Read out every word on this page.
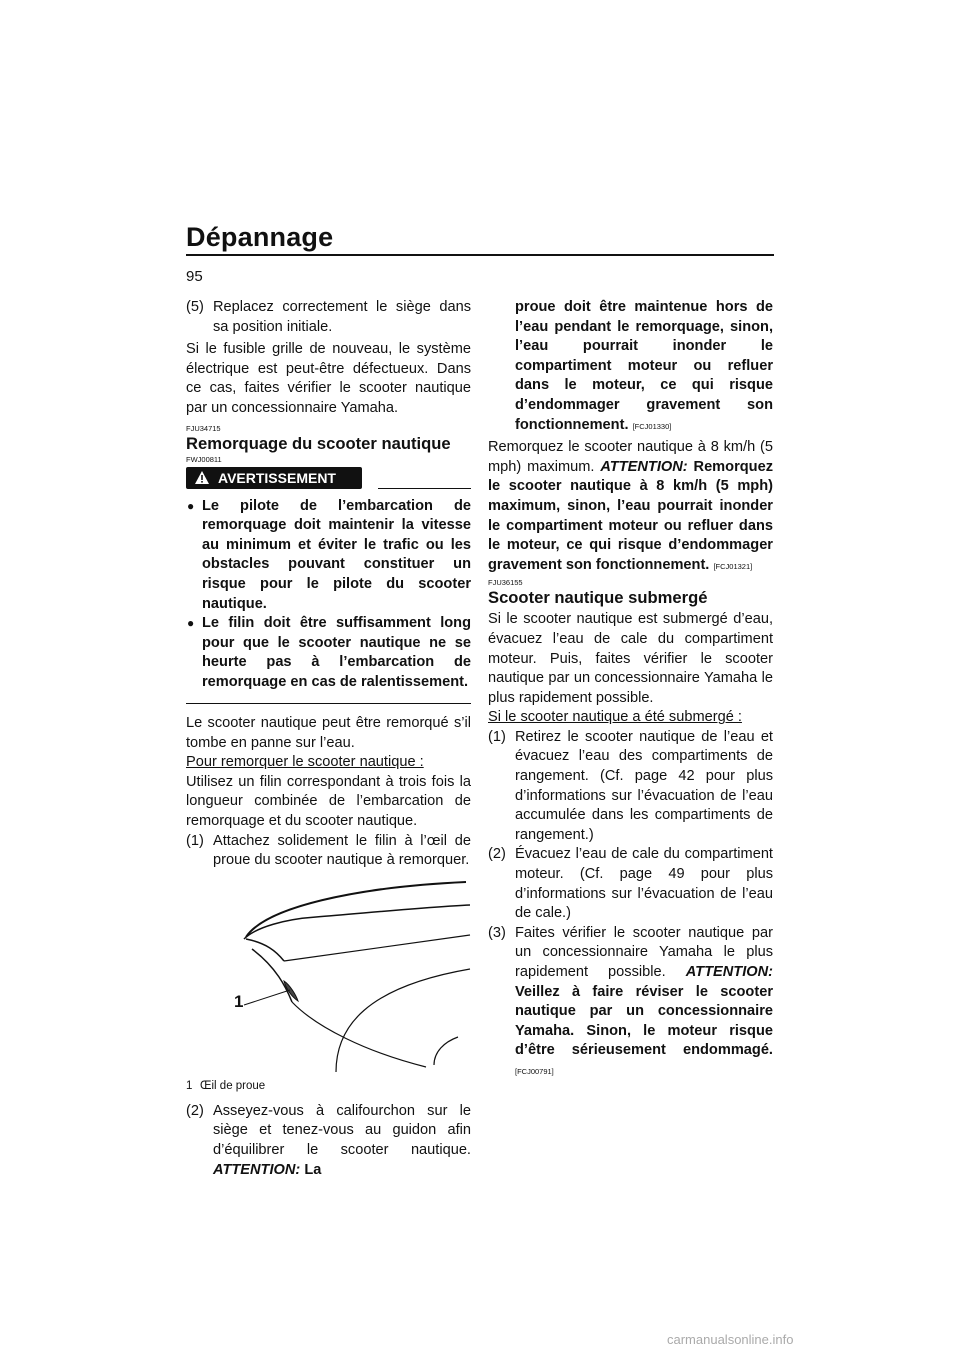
Dépannage
95
(5) Replacez correctement le siège dans sa position initiale.

Si le fusible grille de nouveau, le système électrique est peut-être défectueux. Dans ce cas, faites vérifier le scooter nautique par un concessionnaire Yamaha.

FJU34715
Remorquage du scooter nautique
FWJ00811
AVERTISSEMENT
● Le pilote de l’embarcation de remorquage doit maintenir la vitesse au minimum et éviter le trafic ou les obstacles pouvant constituer un risque pour le pilote du scooter nautique.
● Le filin doit être suffisamment long pour que le scooter nautique ne se heurte pas à l’embarcation de remorquage en cas de ralentissement.

Le scooter nautique peut être remorqué s’il tombe en panne sur l’eau.

Pour remorquer le scooter nautique :

Utilisez un filin correspondant à trois fois la longueur combinée de l’embarcation de remorquage et du scooter nautique.

(1) Attachez solidement le filin à l’œil de proue du scooter nautique à remorquer.
1
1 Œil de proue
(2) Asseyez-vous à califourchon sur le siège et tenez-vous au guidon afin d’équilibrer le scooter nautique. ATTENTION: La
proue doit être maintenue hors de l’eau pendant le remorquage, sinon, l’eau pourrait inonder le compartiment moteur ou refluer dans le moteur, ce qui risque d’endommager gravement son fonctionnement. [FCJ01330]

Remorquez le scooter nautique à 8 km/h (5 mph) maximum. ATTENTION: Remorquez le scooter nautique à 8 km/h (5 mph) maximum, sinon, l’eau pourrait inonder le compartiment moteur ou refluer dans le moteur, ce qui risque d’endommager gravement son fonctionnement. [FCJ01321]

FJU36155
Scooter nautique submergé

Si le scooter nautique est submergé d’eau, évacuez l’eau de cale du compartiment moteur. Puis, faites vérifier le scooter nautique par un concessionnaire Yamaha le plus rapidement possible.

Si le scooter nautique a été submergé :

(1) Retirez le scooter nautique de l’eau et évacuez l’eau des compartiments de rangement. (Cf. page 42 pour plus d’informations sur l’évacuation de l’eau accumulée dans les compartiments de rangement.)
(2) Évacuez l’eau de cale du compartiment moteur. (Cf. page 49 pour plus d’informations sur l’évacuation de l’eau de cale.)
(3) Faites vérifier le scooter nautique par un concessionnaire Yamaha le plus rapidement possible. ATTENTION: Veillez à faire réviser le scooter nautique par un concessionnaire Yamaha. Sinon, le moteur risque d’être sérieusement endommagé. [FCJ00791]
carmanualsonline.info
